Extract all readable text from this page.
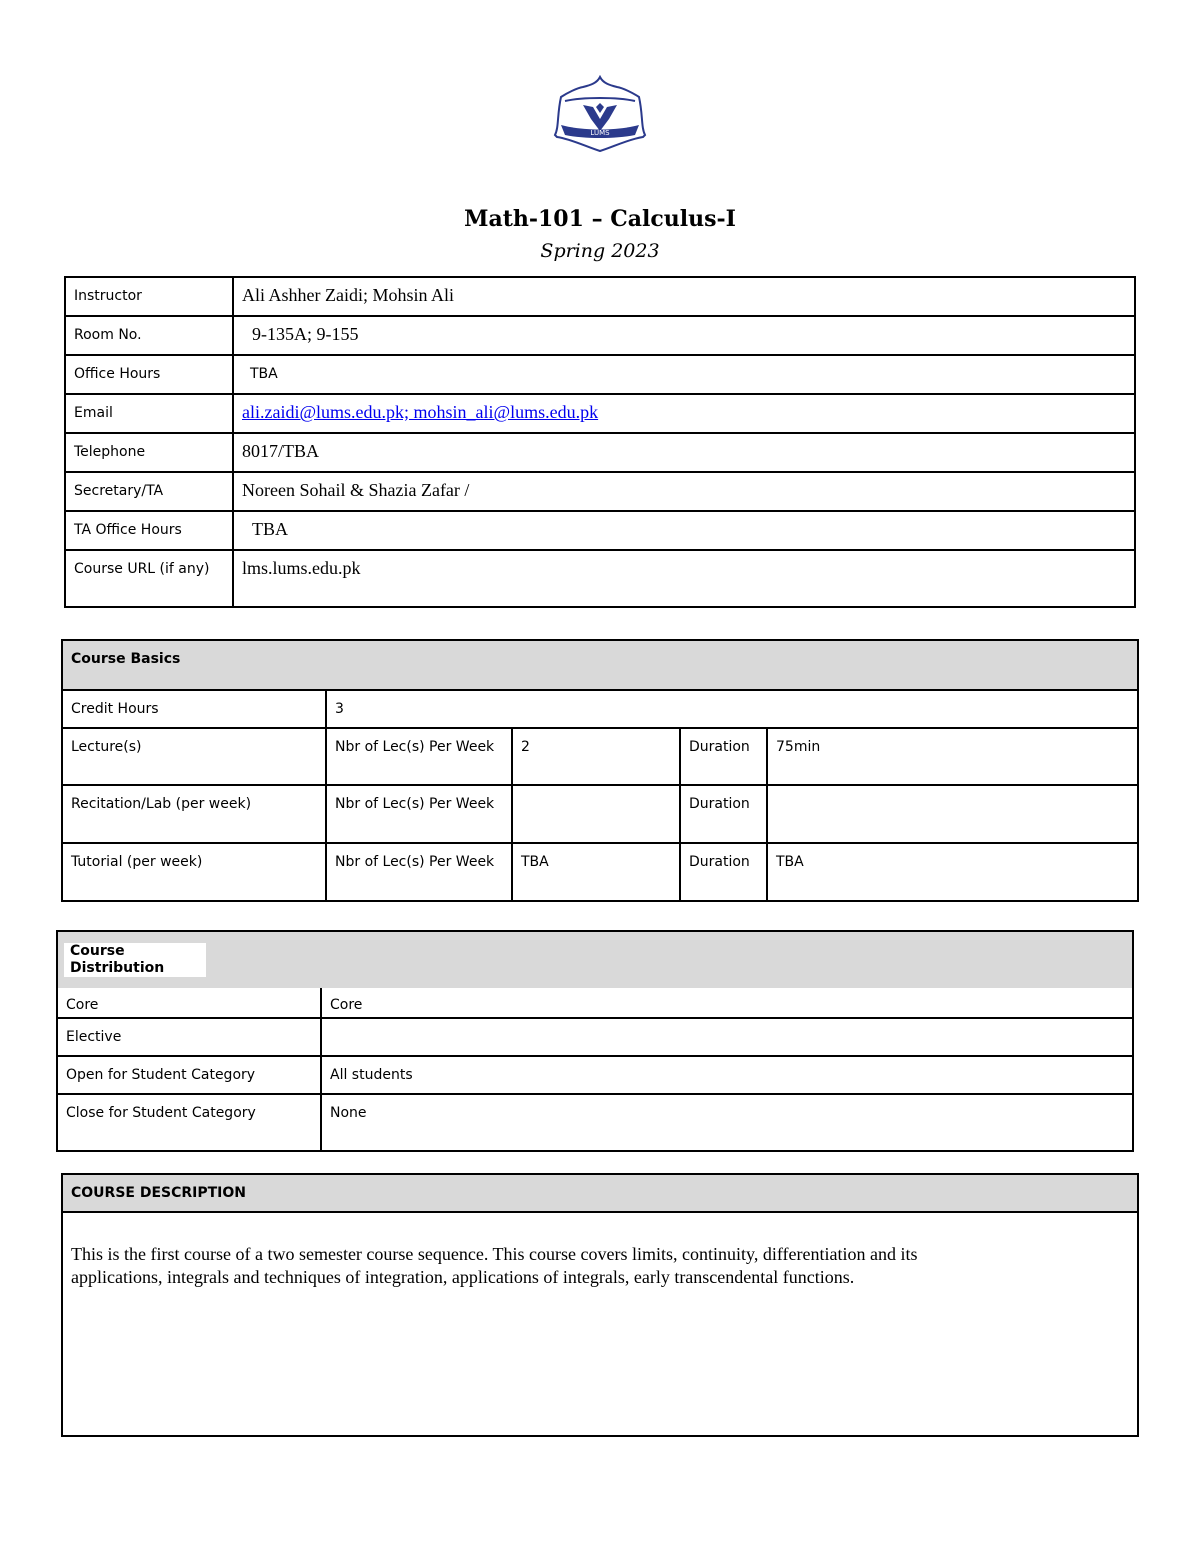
LUMS
Math-101 – Calculus-I
Spring 2023
Instructor	Ali Ashher Zaidi; Mohsin Ali
Room No.	9-135A; 9-155
Office Hours	TBA
Email	ali.zaidi@lums.edu.pk; mohsin_ali@lums.edu.pk
Telephone	8017/TBA
Secretary/TA	Noreen Sohail & Shazia Zafar /
TA Office Hours	TBA
Course URL (if any)	lms.lums.edu.pk
Course Basics				
Credit Hours	3			
Lecture(s)	Nbr of Lec(s) Per Week	2	Duration	75min
Recitation/Lab (per week)	Nbr of Lec(s) Per Week		Duration	
Tutorial (per week)	Nbr of Lec(s) Per Week	TBA	Duration	TBA
Course
Distribution
Core	Core
Elective	
Open for Student Category	All students
Close for Student Category	None
COURSE DESCRIPTION
This is the first course of a two semester course sequence. This course covers limits, continuity, differentiation and its
applications, integrals and techniques of integration, applications of integrals, early transcendental functions.
